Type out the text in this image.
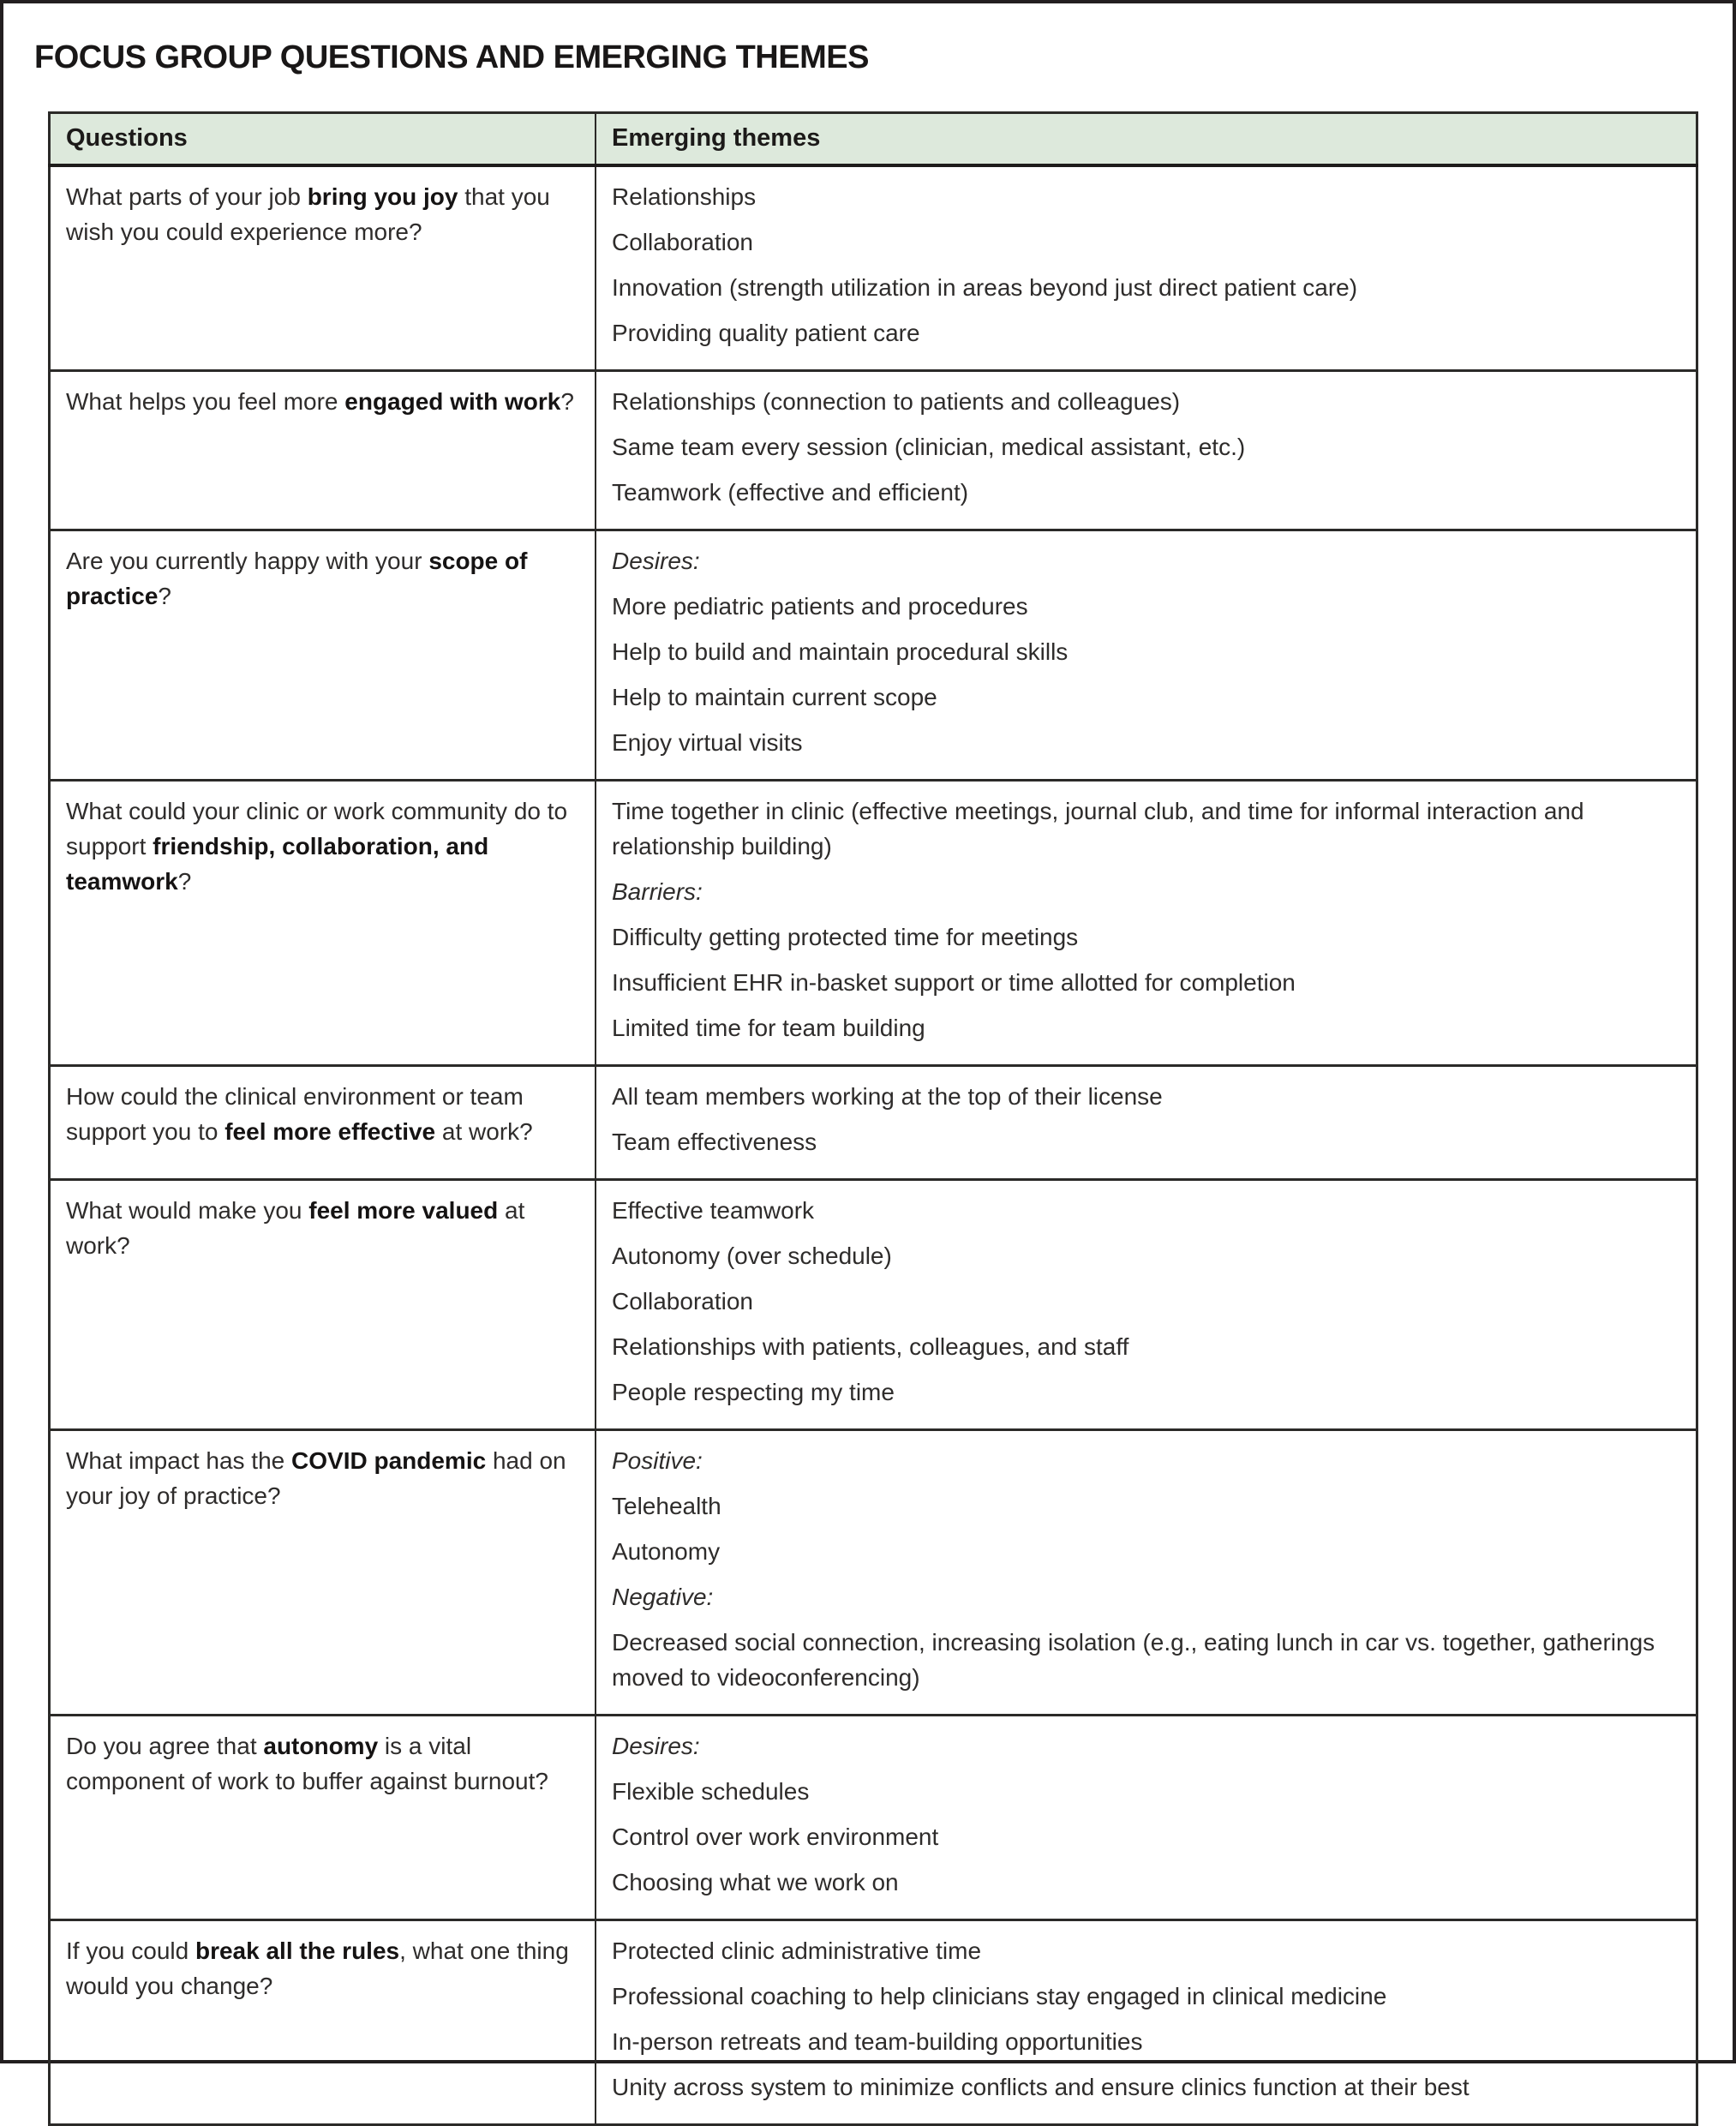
FOCUS GROUP QUESTIONS AND EMERGING THEMES
Questions	Emerging themes
What parts of your job bring you joy that you wish you could experience more?	Relationships
Collaboration
Innovation (strength utilization in areas beyond just direct patient care)
Providing quality patient care

What helps you feel more engaged with work?	Relationships (connection to patients and colleagues)
Same team every session (clinician, medical assistant, etc.)
Teamwork (effective and efficient)

Are you currently happy with your scope of practice?	Desires:
More pediatric patients and procedures
Help to build and maintain procedural skills
Help to maintain current scope
Enjoy virtual visits

What could your clinic or work community do to support friendship, collaboration, and teamwork?	Time together in clinic (effective meetings, journal club, and time for informal interaction and relationship building)
Barriers:
Difficulty getting protected time for meetings
Insufficient EHR in-basket support or time allotted for completion
Limited time for team building

How could the clinical environment or team support you to feel more effective at work?	All team members working at the top of their license
Team effectiveness

What would make you feel more valued at work?	Effective teamwork
Autonomy (over schedule)
Collaboration
Relationships with patients, colleagues, and staff
People respecting my time

What impact has the COVID pandemic had on your joy of practice?	Positive:
Telehealth
Autonomy
Negative:
Decreased social connection, increasing isolation (e.g., eating lunch in car vs. together, gatherings moved to videoconferencing)

Do you agree that autonomy is a vital component of work to buffer against burnout?	Desires:
Flexible schedules
Control over work environment
Choosing what we work on

If you could break all the rules, what one thing would you change?	Protected clinic administrative time
Professional coaching to help clinicians stay engaged in clinical medicine
In-person retreats and team-building opportunities
Unity across system to minimize conflicts and ensure clinics function at their best
